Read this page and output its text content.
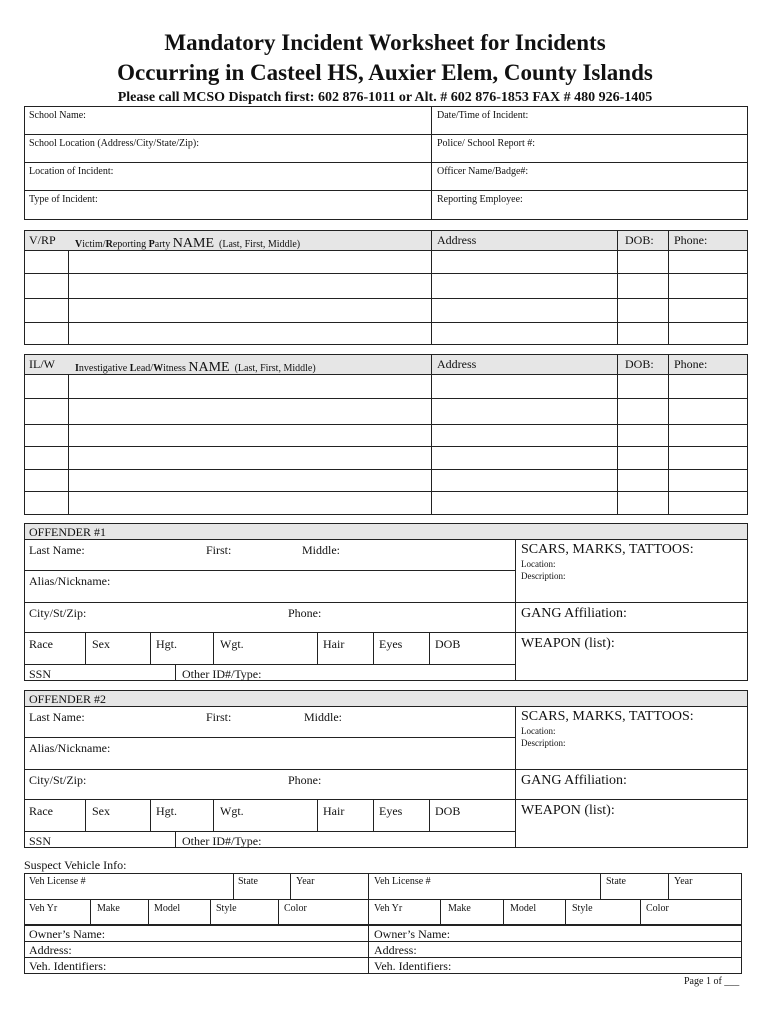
Mandatory Incident Worksheet for Incidents
Occurring in Casteel HS, Auxier Elem, County Islands
Please call MCSO Dispatch first: 602 876-1011 or Alt. # 602 876-1853 FAX # 480 926-1405
School Name:	Date/Time of Incident:
School Location (Address/City/State/Zip):	Police/ School Report #:
Location of Incident:	Officer Name/Badge#:
Type of Incident:	Reporting Employee:
V/RP Victim/Reporting Party NAME (Last, First, Middle)	Address	DOB: Phone:
IL/W Investigative Lead/Witness NAME (Last, First, Middle)	Address	DOB: Phone:
OFFENDER #1
Last Name:	First:	Middle:
Alias/Nickname:
City/St/Zip:	Phone:
Race	Sex	Hgt.	Wgt.	Hair	Eyes	DOB
SSN	Other ID#/Type:
SCARS, MARKS, TATTOOS:
Location:
Description:
GANG Affiliation:
WEAPON (list):
OFFENDER #2
Last Name:	First:	Middle:
Alias/Nickname:
City/St/Zip:	Phone:
Race	Sex	Hgt.	Wgt.	Hair	Eyes	DOB
SSN	Other ID#/Type:
SCARS, MARKS, TATTOOS:
Location:
Description:
GANG Affiliation:
WEAPON (list):
Suspect Vehicle Info:
Veh License #	State	Year	Veh License #	State	Year
Veh Yr	Make	Model	Style	Color	Veh Yr	Make	Model	Style	Color
Owner’s Name:
Address:
Veh. Identifiers:
Owner’s Name:
Address:
Veh. Identifiers:
Page 1 of ___
